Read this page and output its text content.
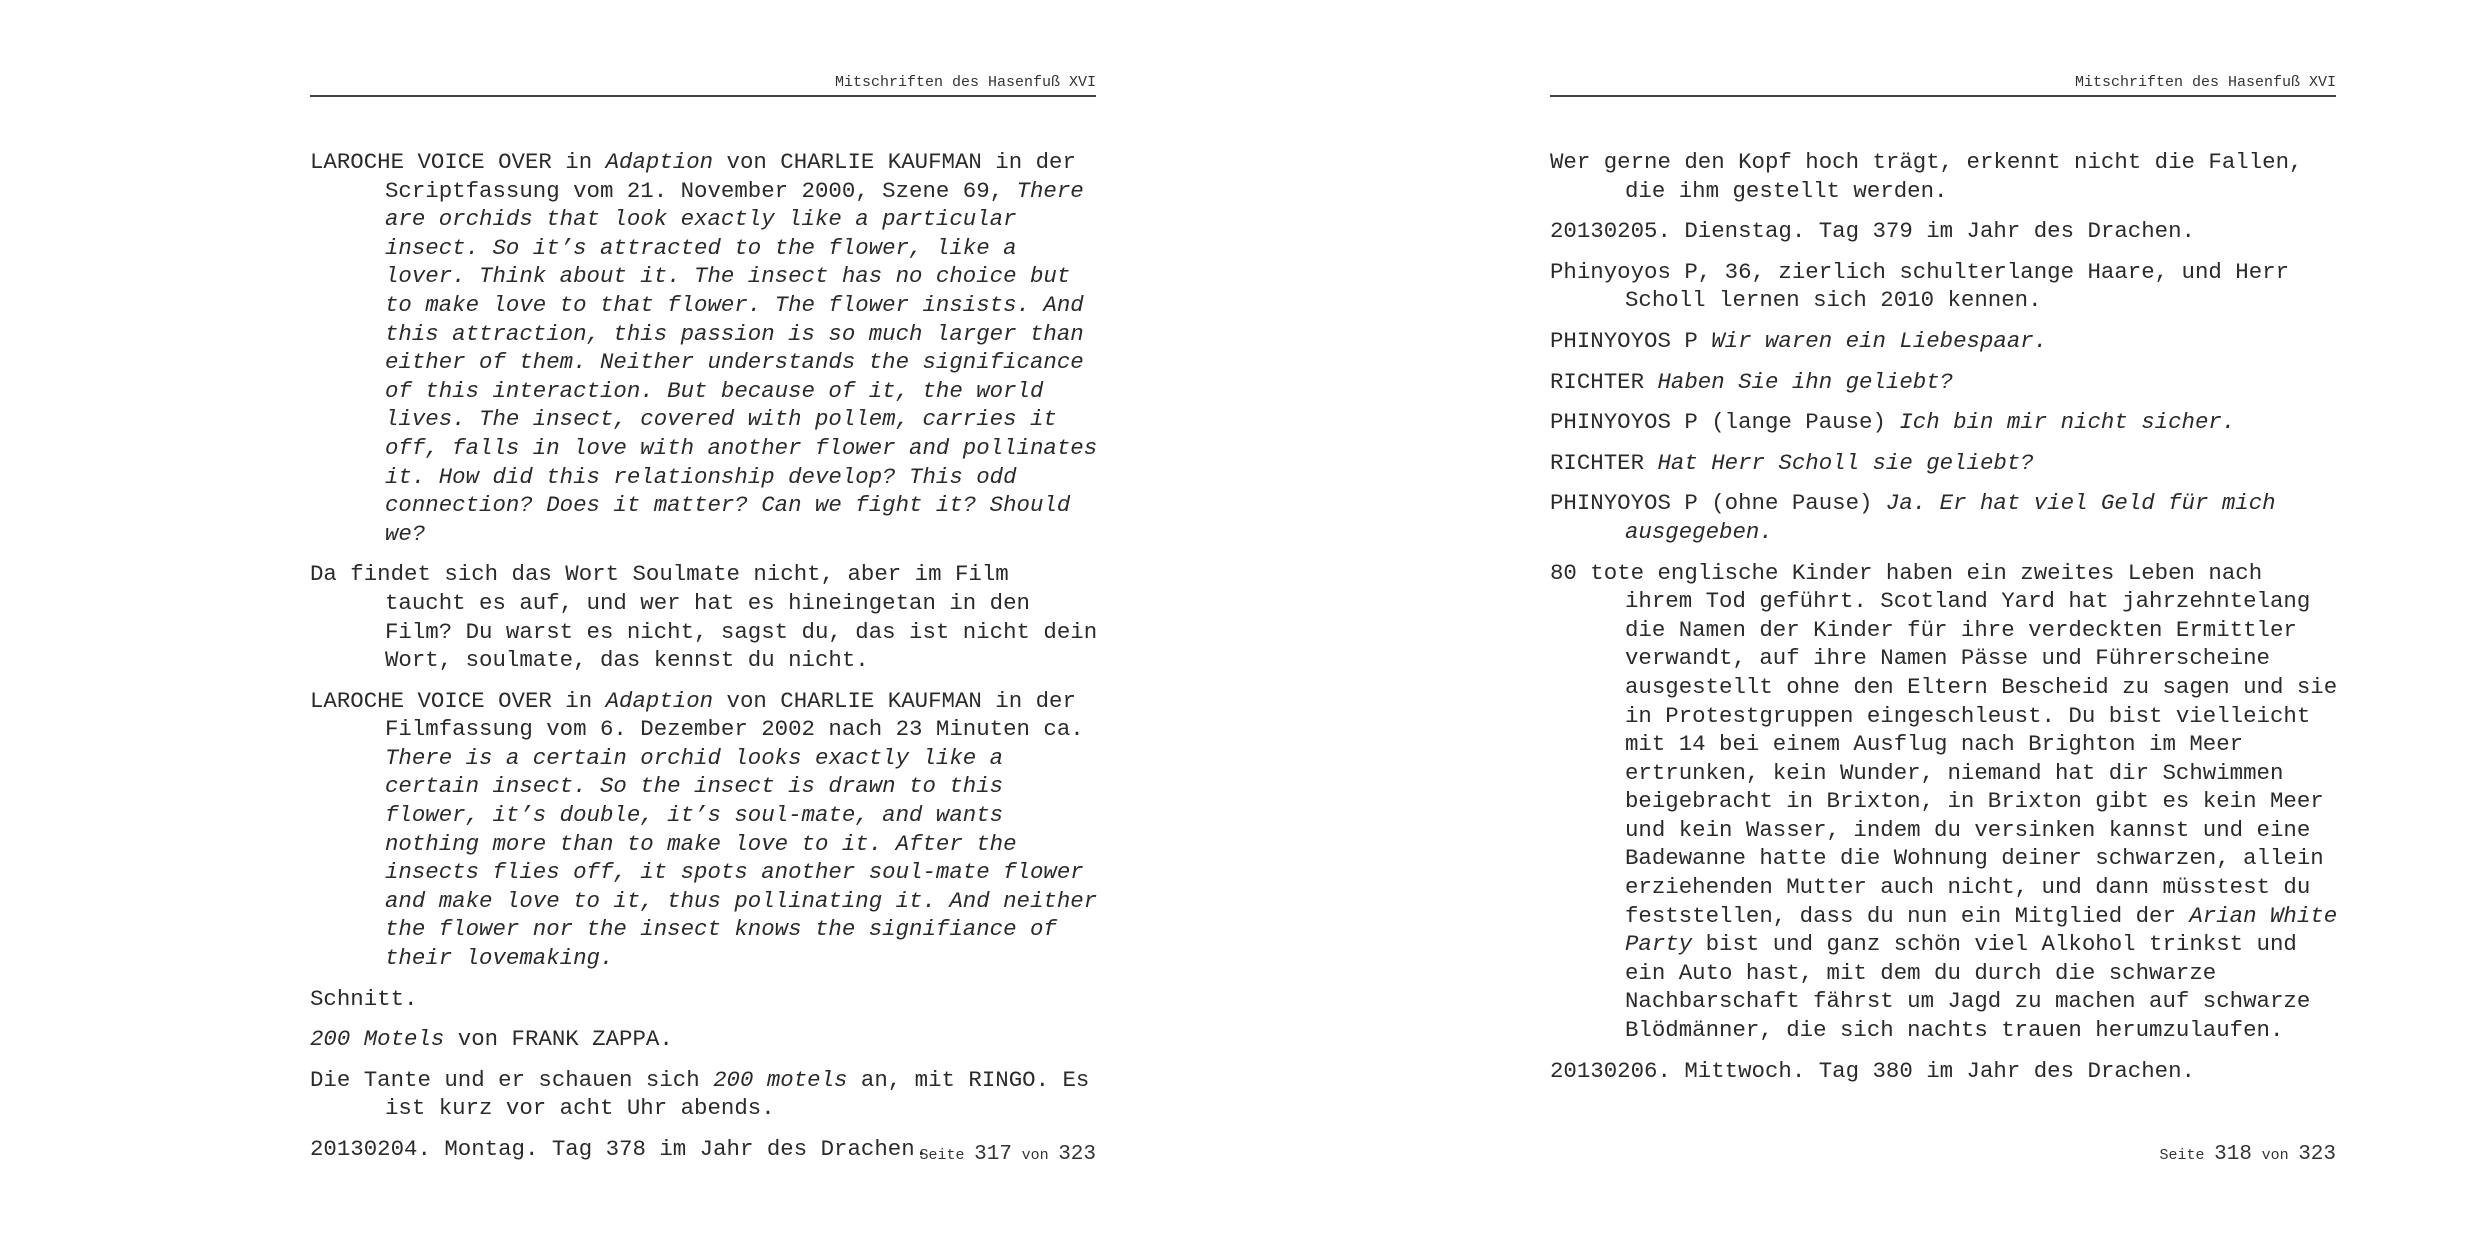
Mitschriften des Hasenfuß XVI

LAROCHE VOICE OVER in Adaption von CHARLIE KAUFMAN in der Scriptfassung vom 21. November 2000, Szene 69, There are orchids that look exactly like a particular insect. So it’s attracted to the flower, like a lover. Think about it. The insect has no choice but to make love to that flower. The flower insists. And this attraction, this passion is so much larger than either of them. Neither understands the significance of this interaction. But because of it, the world lives. The insect, covered with pollem, carries it off, falls in love with another flower and pollinates it. How did this relationship develop? This odd connection? Does it matter? Can we fight it? Should we?

Da findet sich das Wort Soulmate nicht, aber im Film taucht es auf, und wer hat es hineingetan in den Film? Du warst es nicht, sagst du, das ist nicht dein Wort, soulmate, das kennst du nicht.

LAROCHE VOICE OVER in Adaption von CHARLIE KAUFMAN in der Filmfassung vom 6. Dezember 2002 nach 23 Minuten ca. There is a certain orchid looks exactly like a certain insect. So the insect is drawn to this flower, it’s double, it’s soul-mate, and wants nothing more than to make love to it. After the insects flies off, it spots another soul-mate flower and make love to it, thus pollinating it. And neither the flower nor the insect knows the signifiance of their lovemaking.

Schnitt.

200 Motels von FRANK ZAPPA.

Die Tante und er schauen sich 200 motels an, mit RINGO. Es ist kurz vor acht Uhr abends.

20130204. Montag. Tag 378 im Jahr des Drachen.

Seite 317 von 323
Mitschriften des Hasenfuß XVI

Wer gerne den Kopf hoch trägt, erkennt nicht die Fallen, die ihm gestellt werden.

20130205. Dienstag. Tag 379 im Jahr des Drachen.

Phinyoyos P, 36, zierlich schulterlange Haare, und Herr Scholl lernen sich 2010 kennen.

PHINYOYOS P Wir waren ein Liebespaar.

RICHTER Haben Sie ihn geliebt?

PHINYOYOS P (lange Pause) Ich bin mir nicht sicher.

RICHTER Hat Herr Scholl sie geliebt?

PHINYOYOS P (ohne Pause) Ja. Er hat viel Geld für mich ausgegeben.

80 tote englische Kinder haben ein zweites Leben nach ihrem Tod geführt. Scotland Yard hat jahrzehntelang die Namen der Kinder für ihre verdeckten Ermittler verwandt, auf ihre Namen Pässe und Führerscheine ausgestellt ohne den Eltern Bescheid zu sagen und sie in Protestgruppen eingeschleust. Du bist vielleicht mit 14 bei einem Ausflug nach Brighton im Meer ertrunken, kein Wunder, niemand hat dir Schwimmen beigebracht in Brixton, in Brixton gibt es kein Meer und kein Wasser, indem du versinken kannst und eine Badewanne hatte die Wohnung deiner schwarzen, allein erziehenden Mutter auch nicht, und dann müsstest du feststellen, dass du nun ein Mitglied der Arian White Party bist und ganz schön viel Alkohol trinkst und ein Auto hast, mit dem du durch die schwarze Nachbarschaft fährst um Jagd zu machen auf schwarze Blödmänner, die sich nachts trauen herumzulaufen.

20130206. Mittwoch. Tag 380 im Jahr des Drachen.

Seite 318 von 323
